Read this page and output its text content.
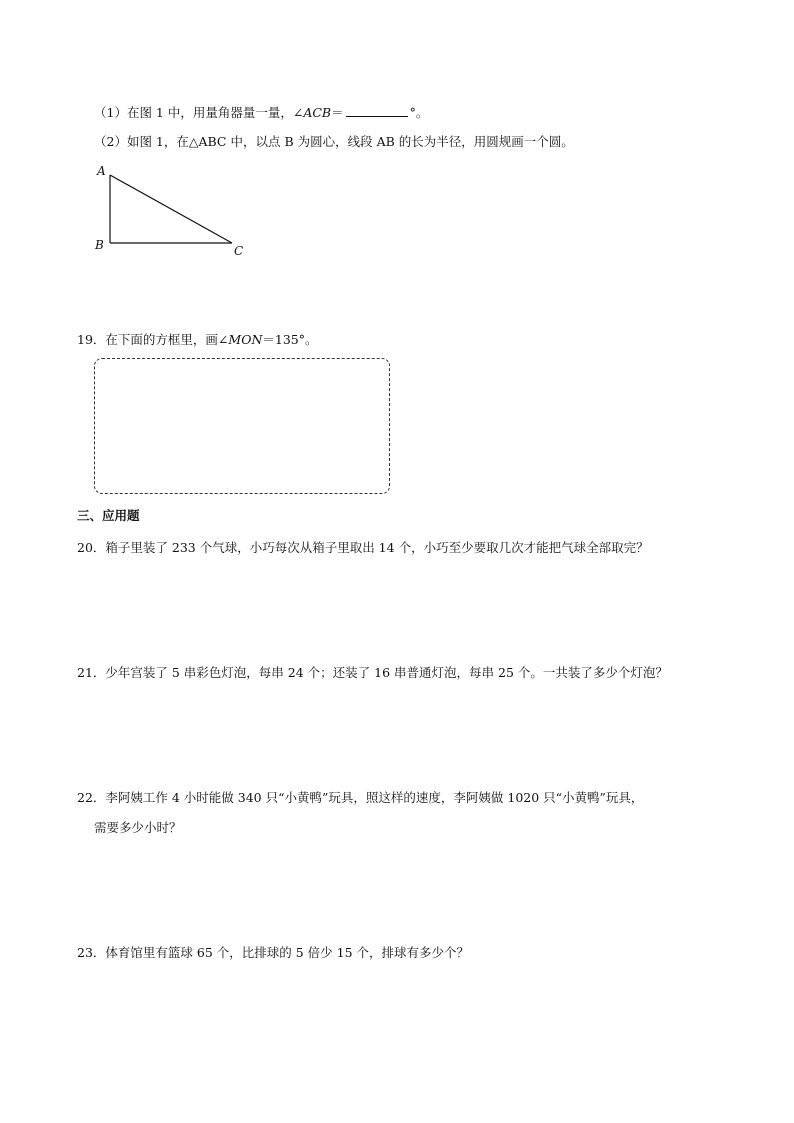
（1）在图 1 中，用量角器量一量，∠ACB＝	°。
（2）如图 1，在△ABC 中，以点 B 为圆心，线段 AB 的长为半径，用圆规画一个圆。
A
B	C
19．在下面的方框里，画∠MON＝135°。
三、应用题
20．箱子里装了 233 个气球，小巧每次从箱子里取出 14 个，小巧至少要取几次才能把气球全部取完？
21．少年宫装了 5 串彩色灯泡，每串 24 个；还装了 16 串普通灯泡，每串 25 个。一共装了多少个灯泡？
22．李阿姨工作 4 小时能做 340 只“小黄鸭”玩具，照这样的速度，李阿姨做 1020 只“小黄鸭”玩具，
需要多少小时？
23．体育馆里有篮球 65 个，比排球的 5 倍少 15 个，排球有多少个？
